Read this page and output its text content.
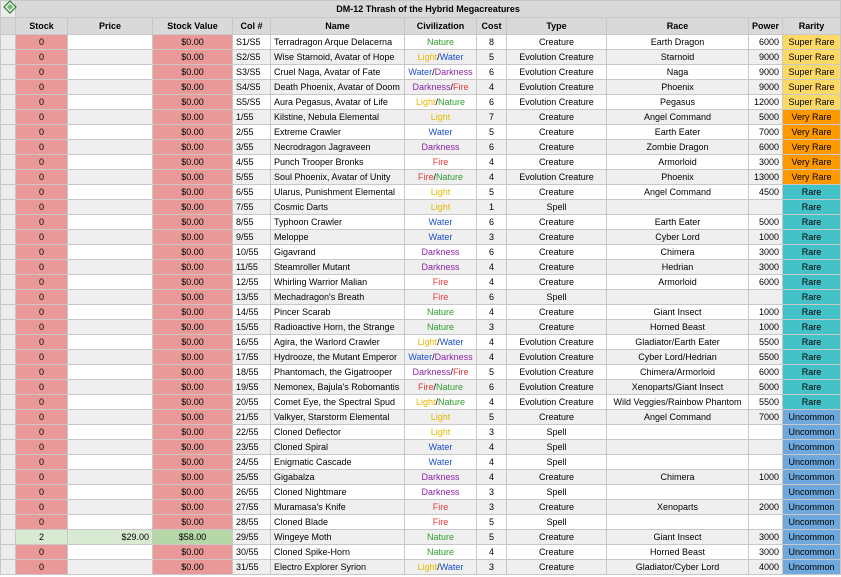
	DM-12 Thrash of the Hybrid Megacreatures										
	Stock	Price	Stock Value	Col #	Name	Civilization	Cost	Type	Race	Power	Rarity
	0		$0.00	S1/S5	Terradragon Arque Delacerna	Nature	8	Creature	Earth Dragon	6000	Super Rare
	0		$0.00	S2/S5	Wise Starnoid, Avatar of Hope	Light / Water	5	Evolution Creature	Starnoid	9000	Super Rare
	0		$0.00	S3/S5	Cruel Naga, Avatar of Fate	Water / Darkness	6	Evolution Creature	Naga	9000	Super Rare
	0		$0.00	S4/S5	Death Phoenix, Avatar of Doom	Darkness / Fire	4	Evolution Creature	Phoenix	9000	Super Rare
	0		$0.00	S5/S5	Aura Pegasus, Avatar of Life	Light / Nature	6	Evolution Creature	Pegasus	12000	Super Rare
	0		$0.00	1/55	Kilstine, Nebula Elemental	Light	7	Creature	Angel Command	5000	Very Rare
	0		$0.00	2/55	Extreme Crawler	Water	5	Creature	Earth Eater	7000	Very Rare
	0		$0.00	3/55	Necrodragon Jagraveen	Darkness	6	Creature	Zombie Dragon	6000	Very Rare
	0		$0.00	4/55	Punch Trooper Bronks	Fire	4	Creature	Armorloid	3000	Very Rare
	0		$0.00	5/55	Soul Phoenix, Avatar of Unity	Fire / Nature	4	Evolution Creature	Phoenix	13000	Very Rare
	0		$0.00	6/55	Ularus, Punishment Elemental	Light	5	Creature	Angel Command	4500	Rare
	0		$0.00	7/55	Cosmic Darts	Light	1	Spell			Rare
	0		$0.00	8/55	Typhoon Crawler	Water	6	Creature	Earth Eater	5000	Rare
	0		$0.00	9/55	Meloppe	Water	3	Creature	Cyber Lord	1000	Rare
	0		$0.00	10/55	Gigavrand	Darkness	6	Creature	Chimera	3000	Rare
	0		$0.00	11/55	Steamroller Mutant	Darkness	4	Creature	Hedrian	3000	Rare
	0		$0.00	12/55	Whirling Warrior Malian	Fire	4	Creature	Armorloid	6000	Rare
	0		$0.00	13/55	Mechadragon's Breath	Fire	6	Spell			Rare
	0		$0.00	14/55	Pincer Scarab	Nature	4	Creature	Giant Insect	1000	Rare
	0		$0.00	15/55	Radioactive Horn, the Strange	Nature	3	Creature	Horned Beast	1000	Rare
	0		$0.00	16/55	Agira, the Warlord Crawler	Light / Water	4	Evolution Creature	Gladiator/Earth Eater	5500	Rare
	0		$0.00	17/55	Hydrooze, the Mutant Emperor	Water / Darkness	4	Evolution Creature	Cyber Lord/Hedrian	5500	Rare
	0		$0.00	18/55	Phantomach, the Gigatrooper	Darkness / Fire	5	Evolution Creature	Chimera/Armorloid	6000	Rare
	0		$0.00	19/55	Nemonex, Bajula's Robomantis	Fire / Nature	6	Evolution Creature	Xenoparts/Giant Insect	5000	Rare
	0		$0.00	20/55	Comet Eye, the Spectral Spud	Light / Nature	4	Evolution Creature	Wild Veggies/Rainbow Phantom	5500	Rare
	0		$0.00	21/55	Valkyer, Starstorm Elemental	Light	5	Creature	Angel Command	7000	Uncommon
	0		$0.00	22/55	Cloned Deflector	Light	3	Spell			Uncommon
	0		$0.00	23/55	Cloned Spiral	Water	4	Spell			Uncommon
	0		$0.00	24/55	Enigmatic Cascade	Water	4	Spell			Uncommon
	0		$0.00	25/55	Gigabalza	Darkness	4	Creature	Chimera	1000	Uncommon
	0		$0.00	26/55	Cloned Nightmare	Darkness	3	Spell			Uncommon
	0		$0.00	27/55	Muramasa's Knife	Fire	3	Creature	Xenoparts	2000	Uncommon
	0		$0.00	28/55	Cloned Blade	Fire	5	Spell			Uncommon
	2	$29.00	$58.00	29/55	Wingeye Moth	Nature	5	Creature	Giant Insect	3000	Uncommon
	0		$0.00	30/55	Cloned Spike-Horn	Nature	4	Creature	Horned Beast	3000	Uncommon
	0		$0.00	31/55	Electro Explorer Syrion	Light / Water	3	Creature	Gladiator/Cyber Lord	4000	Uncommon
